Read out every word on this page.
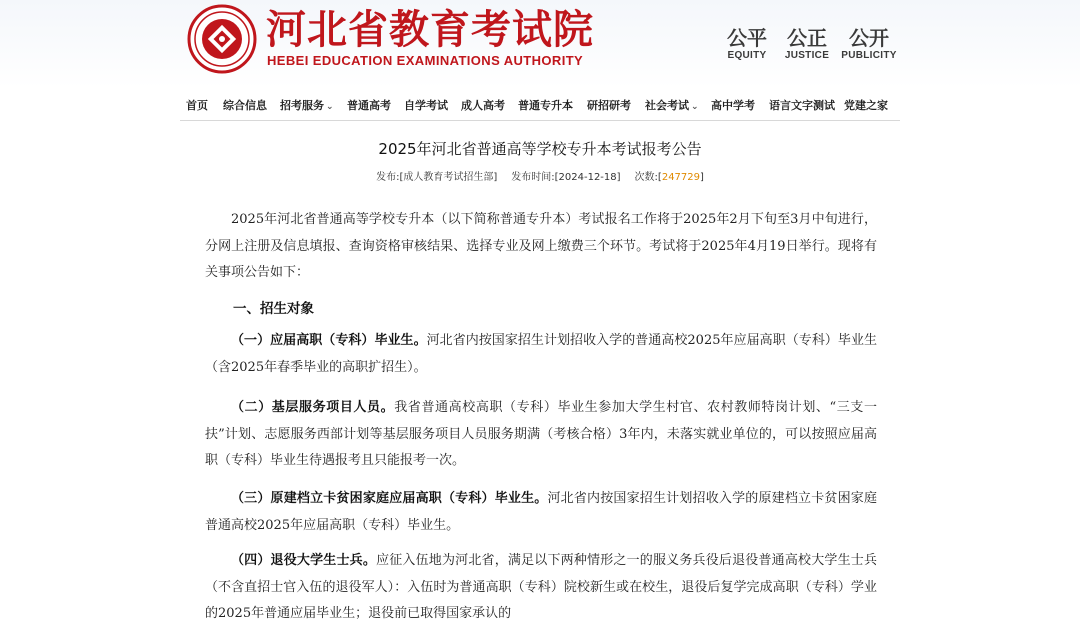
河北省教育考试院
HEBEI EDUCATION EXAMINATIONS AUTHORITY
公平
EQUITY
公正
JUSTICE
公开
PUBLICITY
首页 综合信息 招考服务 ⌄ 普通高考 自学考试 成人高考 普通专升本 研招研考 社会考试 ⌄ 高中学考 语言文字测试 党建之家
2025年河北省普通高等学校专升本考试报考公告
发布:[成人教育考试招生部] 发布时间:[2024-12-18] 次数:[247729]
2025年河北省普通高等学校专升本（以下简称普通专升本）考试报名工作将于2025年2月下旬至3月中旬进行，分网上注册及信息填报、查询资格审核结果、选择专业及网上缴费三个环节。考试将于2025年4月19日举行。现将有关事项公告如下：
一、招生对象
（一）应届高职（专科）毕业生。河北省内按国家招生计划招收入学的普通高校2025年应届高职（专科）毕业生（含2025年春季毕业的高职扩招生）。
（二）基层服务项目人员。我省普通高校高职（专科）毕业生参加大学生村官、农村教师特岗计划、“三支一扶”计划、志愿服务西部计划等基层服务项目人员服务期满（考核合格）3年内，未落实就业单位的，可以按照应届高职（专科）毕业生待遇报考且只能报考一次。
（三）原建档立卡贫困家庭应届高职（专科）毕业生。河北省内按国家招生计划招收入学的原建档立卡贫困家庭普通高校2025年应届高职（专科）毕业生。
（四）退役大学生士兵。应征入伍地为河北省，满足以下两种情形之一的服义务兵役后退役普通高校大学生士兵（不含直招士官入伍的退役军人）：入伍时为普通高职（专科）院校新生或在校生，退役后复学完成高职（专科）学业的2025年普通应届毕业生；退役前已取得国家承认的
